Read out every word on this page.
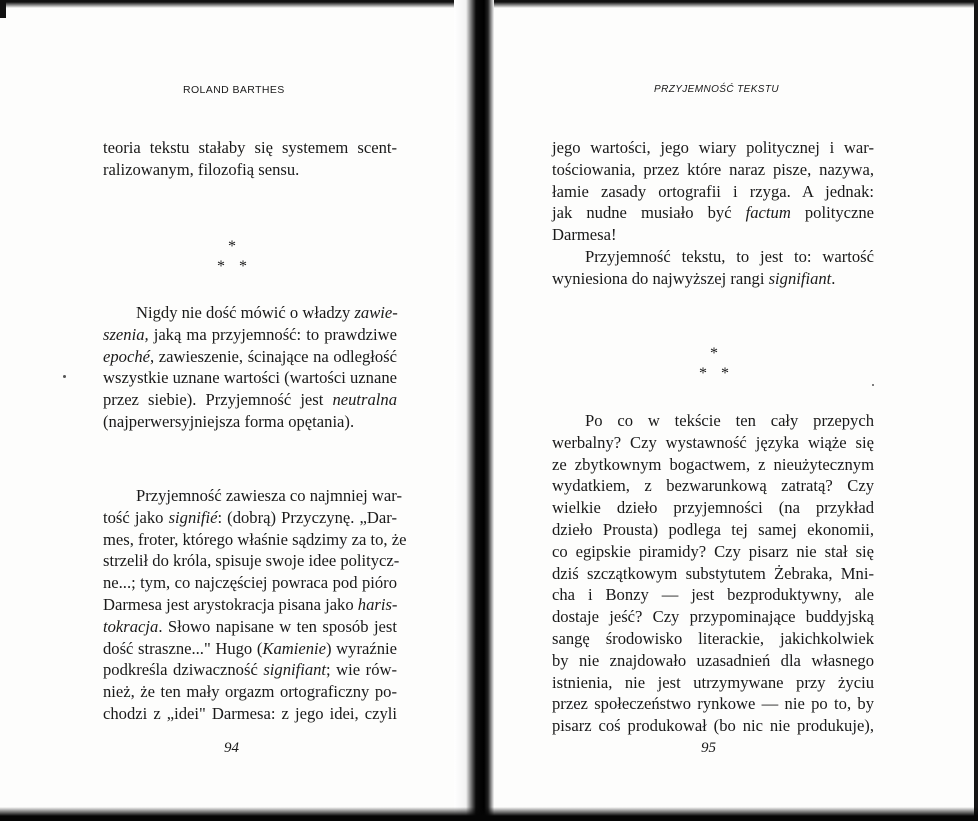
ROLAND BARTHES
teoria tekstu stałaby się systemem scent-
ralizowanym, filozofią sensu.
*
* *
Nigdy nie dość mówić o władzy zawie-
szenia, jaką ma przyjemność: to prawdziwe
epoché, zawieszenie, ścinające na odległość
wszystkie uznane wartości (wartości uznane
przez siebie). Przyjemność jest neutralna
(najperwersyjniejsza forma opętania).
Przyjemność zawiesza co najmniej war-
tość jako signifié: (dobrą) Przyczynę. „Dar-
mes, froter, którego właśnie sądzimy za to, że
strzelił do króla, spisuje swoje idee politycz-
ne...; tym, co najczęściej powraca pod pióro
Darmesa jest arystokracja pisana jako haris-
tokracja. Słowo napisane w ten sposób jest
dość straszne..." Hugo (Kamienie) wyraźnie
podkreśla dziwaczność signifiant; wie rów-
nież, że ten mały orgazm ortograficzny po-
chodzi z „idei" Darmesa: z jego idei, czyli
94
PRZYJEMNOŚĆ TEKSTU
jego wartości, jego wiary politycznej i war-
tościowania, przez które naraz pisze, nazywa,
łamie zasady ortografii i rzyga. A jednak:
jak nudne musiało być factum polityczne
Darmesa!
Przyjemność tekstu, to jest to: wartość
wyniesiona do najwyższej rangi signifiant.
*
* *
Po co w tekście ten cały przepych
werbalny? Czy wystawność języka wiąże się
ze zbytkownym bogactwem, z nieużytecznym
wydatkiem, z bezwarunkową zatratą? Czy
wielkie dzieło przyjemności (na przykład
dzieło Prousta) podlega tej samej ekonomii,
co egipskie piramidy? Czy pisarz nie stał się
dziś szczątkowym substytutem Żebraka, Mni-
cha i Bonzy — jest bezproduktywny, ale
dostaje jeść? Czy przypominające buddyjską
sangę środowisko literackie, jakichkolwiek
by nie znajdowało uzasadnień dla własnego
istnienia, nie jest utrzymywane przy życiu
przez społeczeństwo rynkowe — nie po to, by
pisarz coś produkował (bo nic nie produkuje),
95
